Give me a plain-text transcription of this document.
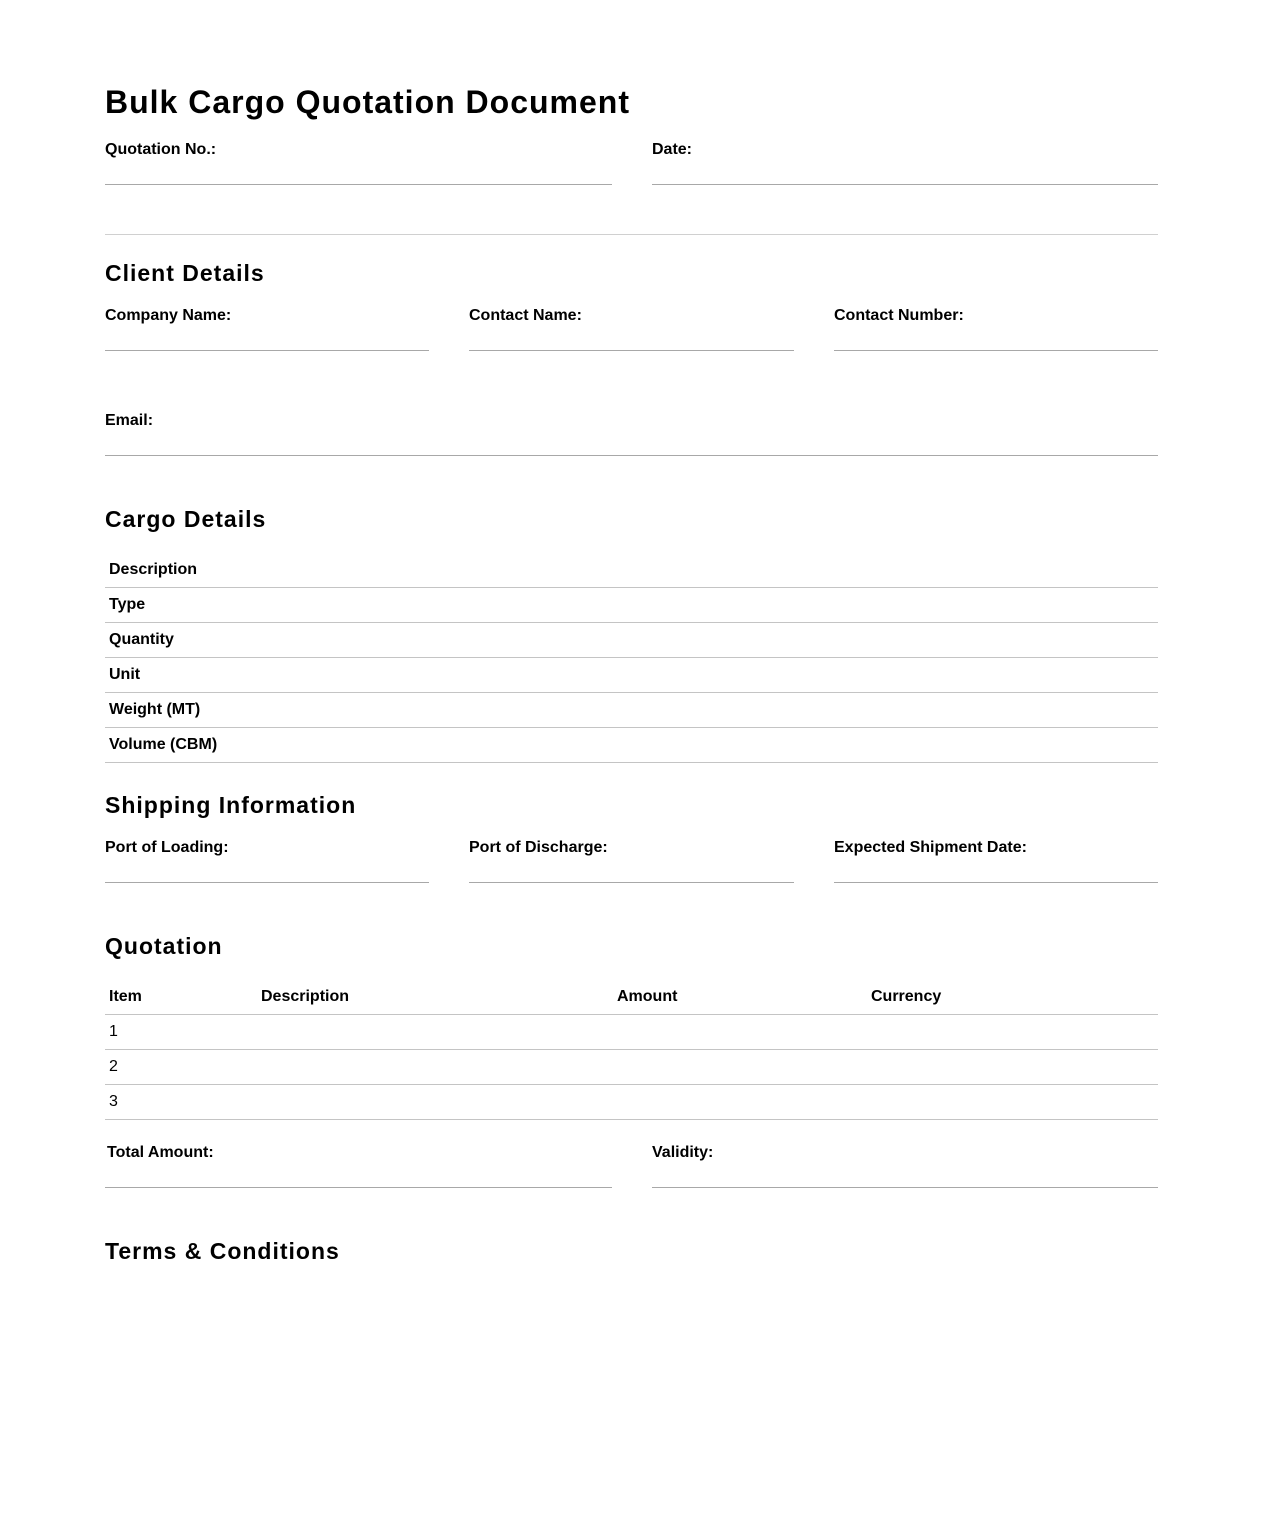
Bulk Cargo Quotation Document
Quotation No.:	Date:
Client Details
Company Name:	Contact Name:	Contact Number:
Email:
Cargo Details
Description	
Type	
Quantity	
Unit	
Weight (MT)	
Volume (CBM)	
Shipping Information
Port of Loading:	Port of Discharge:	Expected Shipment Date:
Quotation
Item	Description	Amount	Currency
1			
2			
3			
Total Amount:	Validity:
Terms & Conditions
